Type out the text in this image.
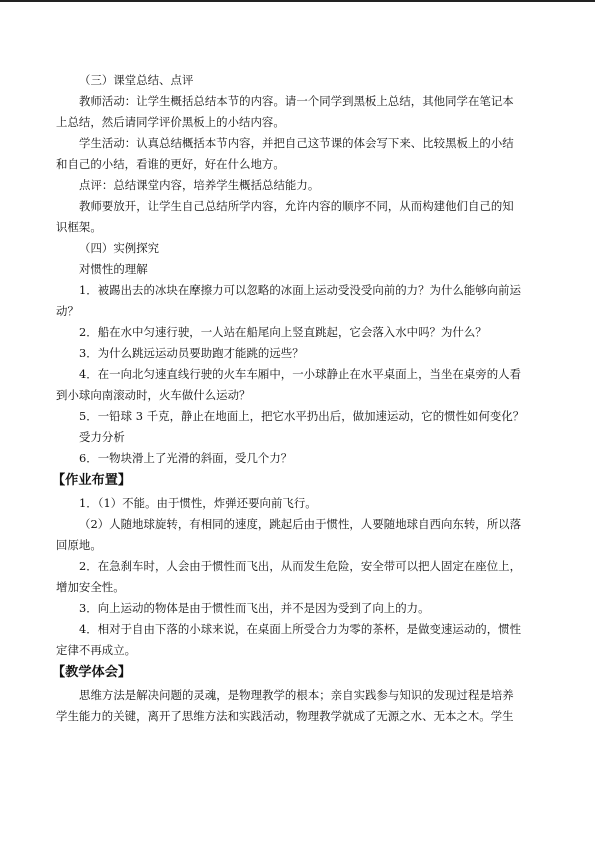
（三）课堂总结、点评
教师活动：让学生概括总结本节的内容。请一个同学到黑板上总结，其他同学在笔记本
上总结，然后请同学评价黑板上的小结内容。
学生活动：认真总结概括本节内容，并把自己这节课的体会写下来、比较黑板上的小结
和自己的小结，看谁的更好，好在什么地方。
点评：总结课堂内容，培养学生概括总结能力。
教师要放开，让学生自己总结所学内容，允许内容的顺序不同，从而构建他们自己的知
识框架。
（四）实例探究
对惯性的理解
1．被踢出去的冰块在摩擦力可以忽略的冰面上运动受没受向前的力？为什么能够向前运
动？
2．船在水中匀速行驶，一人站在船尾向上竖直跳起，它会落入水中吗？为什么？
3．为什么跳远运动员要助跑才能跳的远些？
4．在一向北匀速直线行驶的火车车厢中，一小球静止在水平桌面上，当坐在桌旁的人看
到小球向南滚动时，火车做什么运动？
5．一铅球 3 千克，静止在地面上，把它水平扔出后，做加速运动，它的惯性如何变化？
受力分析
6．一物块滑上了光滑的斜面，受几个力？
【作业布置】
1．（1）不能。由于惯性，炸弹还要向前飞行。
（2）人随地球旋转，有相同的速度，跳起后由于惯性，人要随地球自西向东转，所以落
回原地。
2．在急刹车时，人会由于惯性而飞出，从而发生危险，安全带可以把人固定在座位上，
增加安全性。
3．向上运动的物体是由于惯性而飞出，并不是因为受到了向上的力。
4．相对于自由下落的小球来说，在桌面上所受合力为零的茶杯，是做变速运动的，惯性
定律不再成立。
【教学体会】
思维方法是解决问题的灵魂，是物理教学的根本；亲自实践参与知识的发现过程是培养
学生能力的关键，离开了思维方法和实践活动，物理教学就成了无源之水、无本之木。学生
